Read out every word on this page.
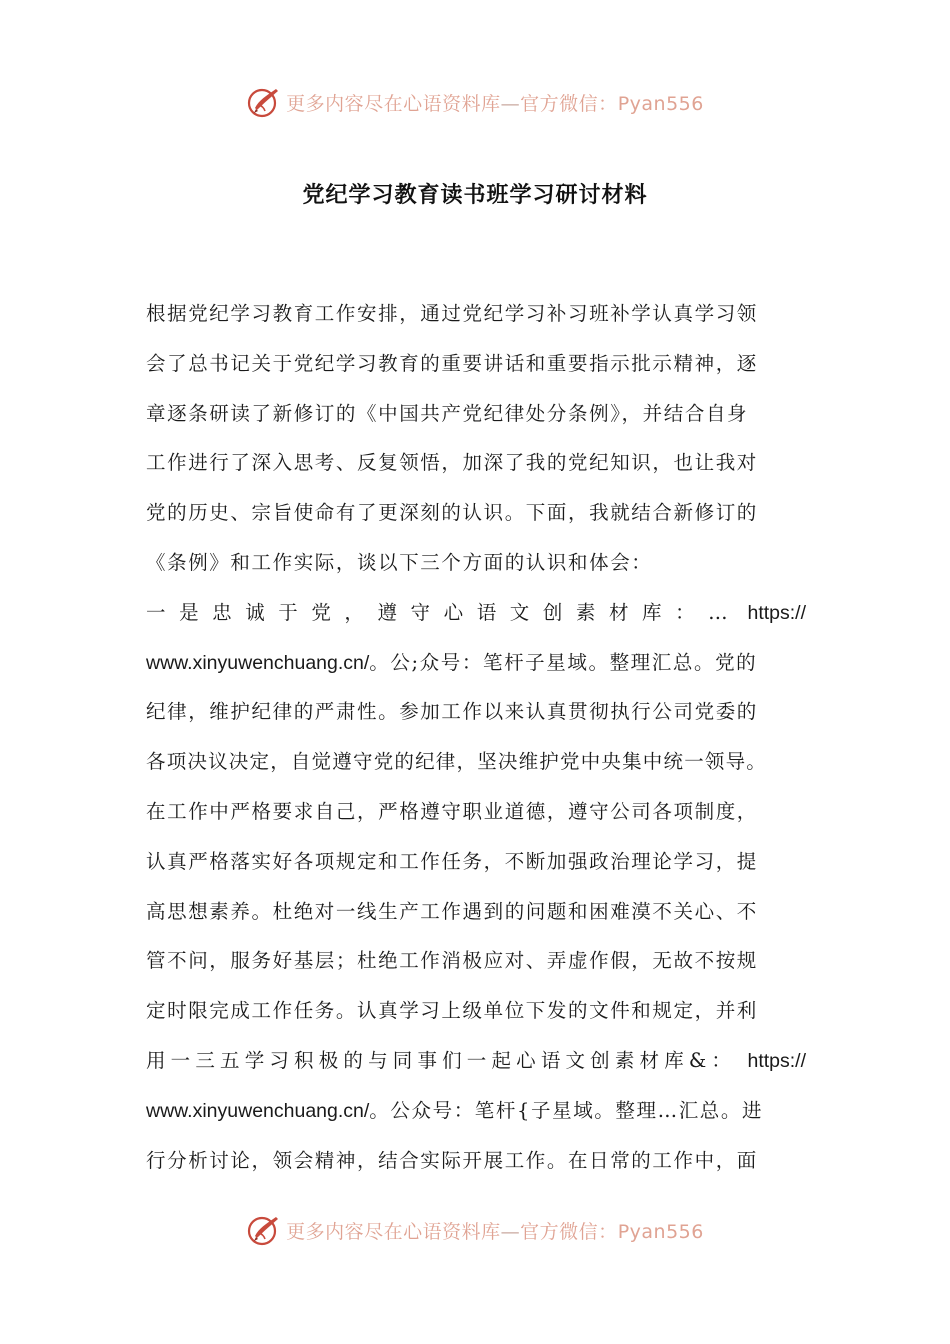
更多内容尽在心语资料库—官方微信：Pyan556
党纪学习教育读书班学习研讨材料
根据党纪学习教育工作安排，通过党纪学习补习班补学认真学习领
会了总书记关于党纪学习教育的重要讲话和重要指示批示精神，逐
章逐条研读了新修订的《中国共产党纪律处分条例》，并结合自身
工作进行了深入思考、反复领悟，加深了我的党纪知识，也让我对
党的历史、宗旨使命有了更深刻的认识。下面，我就结合新修订的
《条例》和工作实际，谈以下三个方面的认识和体会：
一是忠诚于党，遵守心语文创素材库：… https://
www.xinyuwenchuang.cn/。公;众号：笔杆子星域。整理汇总。党的
纪律，维护纪律的严肃性。参加工作以来认真贯彻执行公司党委的
各项决议决定，自觉遵守党的纪律，坚决维护党中央集中统一领导。
在工作中严格要求自己，严格遵守职业道德，遵守公司各项制度，
认真严格落实好各项规定和工作任务，不断加强政治理论学习，提
高思想素养。杜绝对一线生产工作遇到的问题和困难漠不关心、不
管不问，服务好基层；杜绝工作消极应对、弄虚作假，无故不按规
定时限完成工作任务。认真学习上级单位下发的文件和规定，并利
用一三五学习积极的与同事们一起心语文创素材库&： https://
www.xinyuwenchuang.cn/。公众号：笔杆{子星域。整理…汇总。进
行分析讨论，领会精神，结合实际开展工作。在日常的工作中，面
更多内容尽在心语资料库—官方微信：Pyan556
